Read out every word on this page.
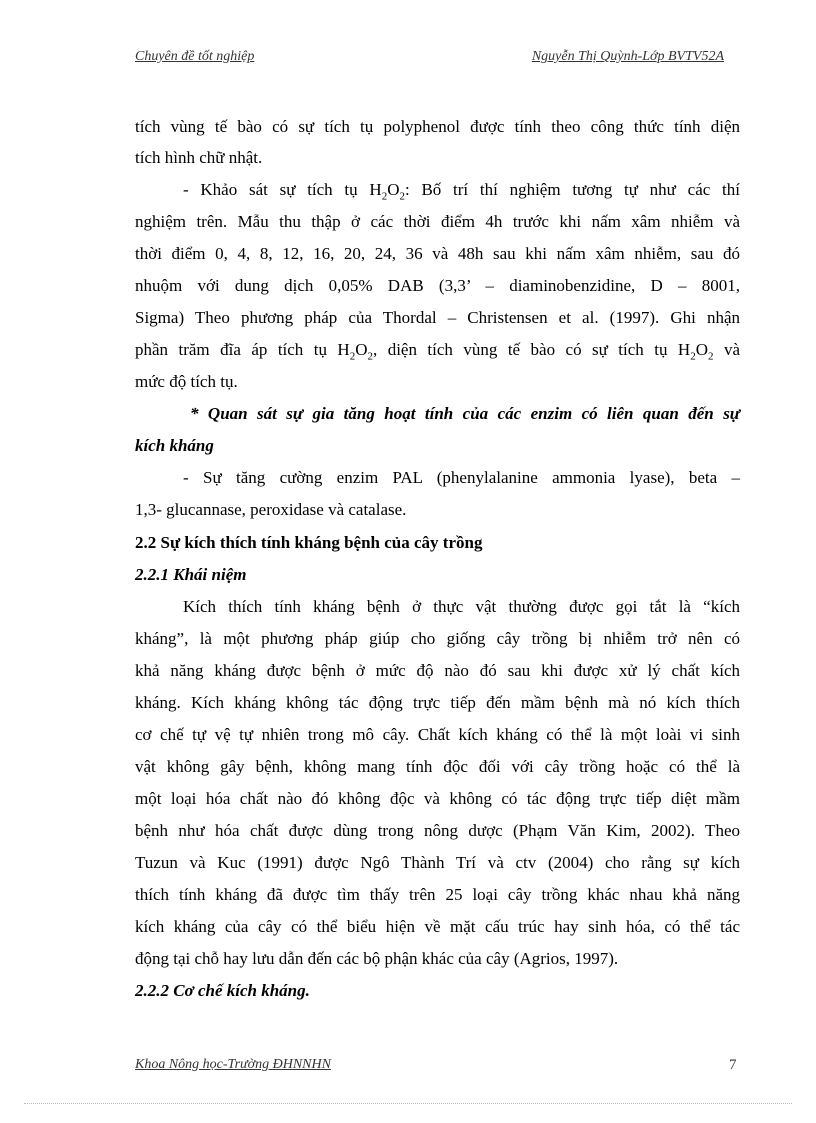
Chuyên đề tốt nghiệp	Nguyễn Thị Quỳnh-Lớp BVTV52A
tích vùng tế bào có sự tích tụ polyphenol được tính theo công thức tính diện
tích hình chữ nhật.
- Khảo sát sự tích tụ $H_2O_2$: Bố trí thí nghiệm tương tự như các thí
nghiệm trên. Mẫu thu thập ở các thời điểm 4h trước khi nấm xâm nhiễm và
thời điểm 0, 4, 8, 12, 16, 20, 24, 36 và 48h sau khi nấm xâm nhiễm, sau đó
nhuộm với dung dịch 0,05% DAB (3,3’ – diaminobenzidine, D – 8001,
Sigma) Theo phương pháp của Thordal – Christensen et al. (1997). Ghi nhận
phần trăm đĩa áp tích tụ $H_2O_2$, diện tích vùng tế bào có sự tích tụ $H_2O_2$ và
mức độ tích tụ.
* Quan sát sự gia tăng hoạt tính của các enzim có liên quan đến sự
kích kháng
- Sự tăng cường enzim PAL (phenylalanine ammonia lyase), beta –
1,3- glucannase, peroxidase và catalase.
2.2 Sự kích thích tính kháng bệnh của cây trồng
2.2.1 Khái niệm
Kích thích tính kháng bệnh ở thực vật thường được gọi tắt là “kích
kháng”, là một phương pháp giúp cho giống cây trồng bị nhiễm trở nên có
khả năng kháng được bệnh ở mức độ nào đó sau khi được xử lý chất kích
kháng. Kích kháng không tác động trực tiếp đến mầm bệnh mà nó kích thích
cơ chế tự vệ tự nhiên trong mô cây. Chất kích kháng có thể là một loài vi sinh
vật không gây bệnh, không mang tính độc đối với cây trồng hoặc có thể là
một loại hóa chất nào đó không độc và không có tác động trực tiếp diệt mầm
bệnh như hóa chất được dùng trong nông dược (Phạm Văn Kim, 2002). Theo
Tuzun và Kuc (1991) được Ngô Thành Trí và ctv (2004) cho rằng sự kích
thích tính kháng đã được tìm thấy trên 25 loại cây trồng khác nhau khả năng
kích kháng của cây có thể biểu hiện về mặt cấu trúc hay sinh hóa, có thể tác
động tại chỗ hay lưu dẫn đến các bộ phận khác của cây (Agrios, 1997).
2.2.2 Cơ chế kích kháng.
Khoa Nông học-Trường ĐHNNHN	7
